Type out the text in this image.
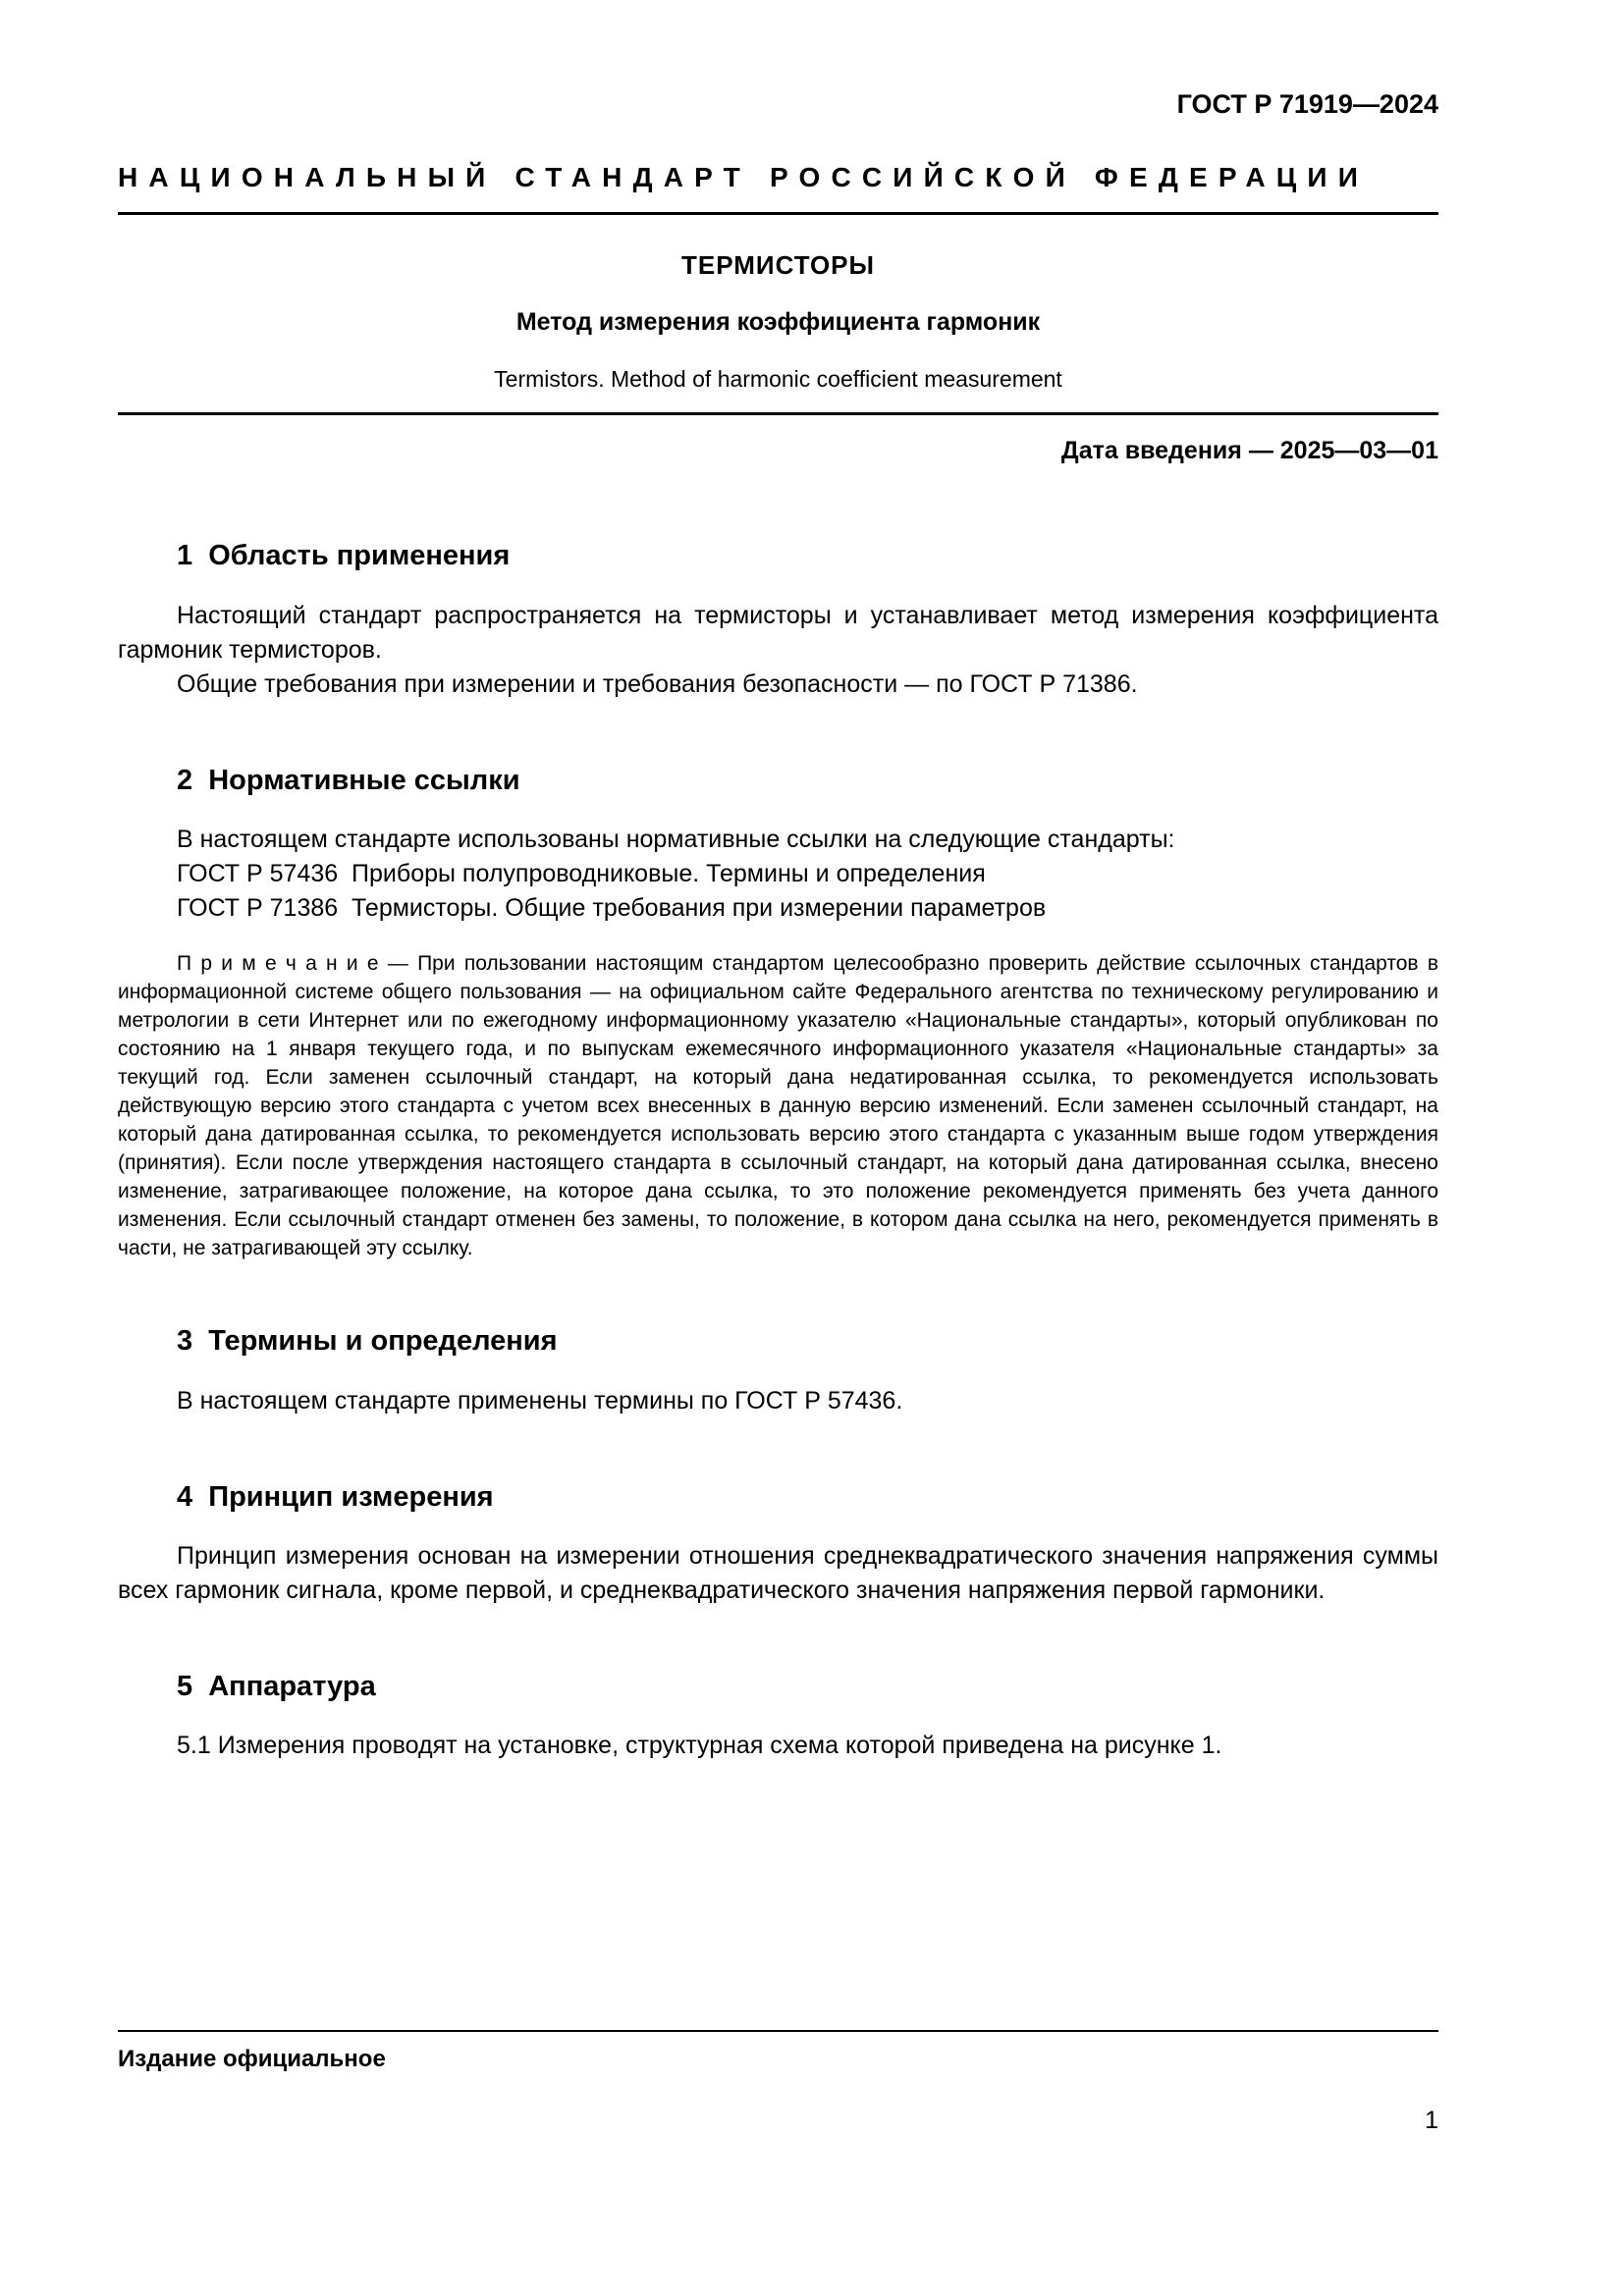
ГОСТ Р 71919—2024
НАЦИОНАЛЬНЫЙ СТАНДАРТ РОССИЙСКОЙ ФЕДЕРАЦИИ
ТЕРМИСТОРЫ
Метод измерения коэффициента гармоник
Termistors. Method of harmonic coefficient measurement
Дата введения — 2025—03—01
1  Область применения

Настоящий стандарт распространяется на термисторы и устанавливает метод измерения коэффициента гармоник термисторов.

Общие требования при измерении и требования безопасности — по ГОСТ Р 71386.

2  Нормативные ссылки

В настоящем стандарте использованы нормативные ссылки на следующие стандарты:

ГОСТ Р 57436  Приборы полупроводниковые. Термины и определения

ГОСТ Р 71386  Термисторы. Общие требования при измерении параметров

П р и м е ч а н и е — При пользовании настоящим стандартом целесообразно проверить действие ссылочных стандартов в информационной системе общего пользования — на официальном сайте Федерального агентства по техническому регулированию и метрологии в сети Интернет или по ежегодному информационному указателю «Национальные стандарты», который опубликован по состоянию на 1 января текущего года, и по выпускам ежемесячного информационного указателя «Национальные стандарты» за текущий год. Если заменен ссылочный стандарт, на который дана недатированная ссылка, то рекомендуется использовать действующую версию этого стандарта с учетом всех внесенных в данную версию изменений. Если заменен ссылочный стандарт, на который дана датированная ссылка, то рекомендуется использовать версию этого стандарта с указанным выше годом утверждения (принятия). Если после утверждения настоящего стандарта в ссылочный стандарт, на который дана датированная ссылка, внесено изменение, затрагивающее положение, на которое дана ссылка, то это положение рекомендуется применять без учета данного изменения. Если ссылочный стандарт отменен без замены, то положение, в котором дана ссылка на него, рекомендуется применять в части, не затрагивающей эту ссылку.

3  Термины и определения

В настоящем стандарте применены термины по ГОСТ Р 57436.

4  Принцип измерения

Принцип измерения основан на измерении отношения среднеквадратического значения напряжения суммы всех гармоник сигнала, кроме первой, и среднеквадратического значения напряжения первой гармоники.

5  Аппаратура

5.1 Измерения проводят на установке, структурная схема которой приведена на рисунке 1.

Издание официальное
1
